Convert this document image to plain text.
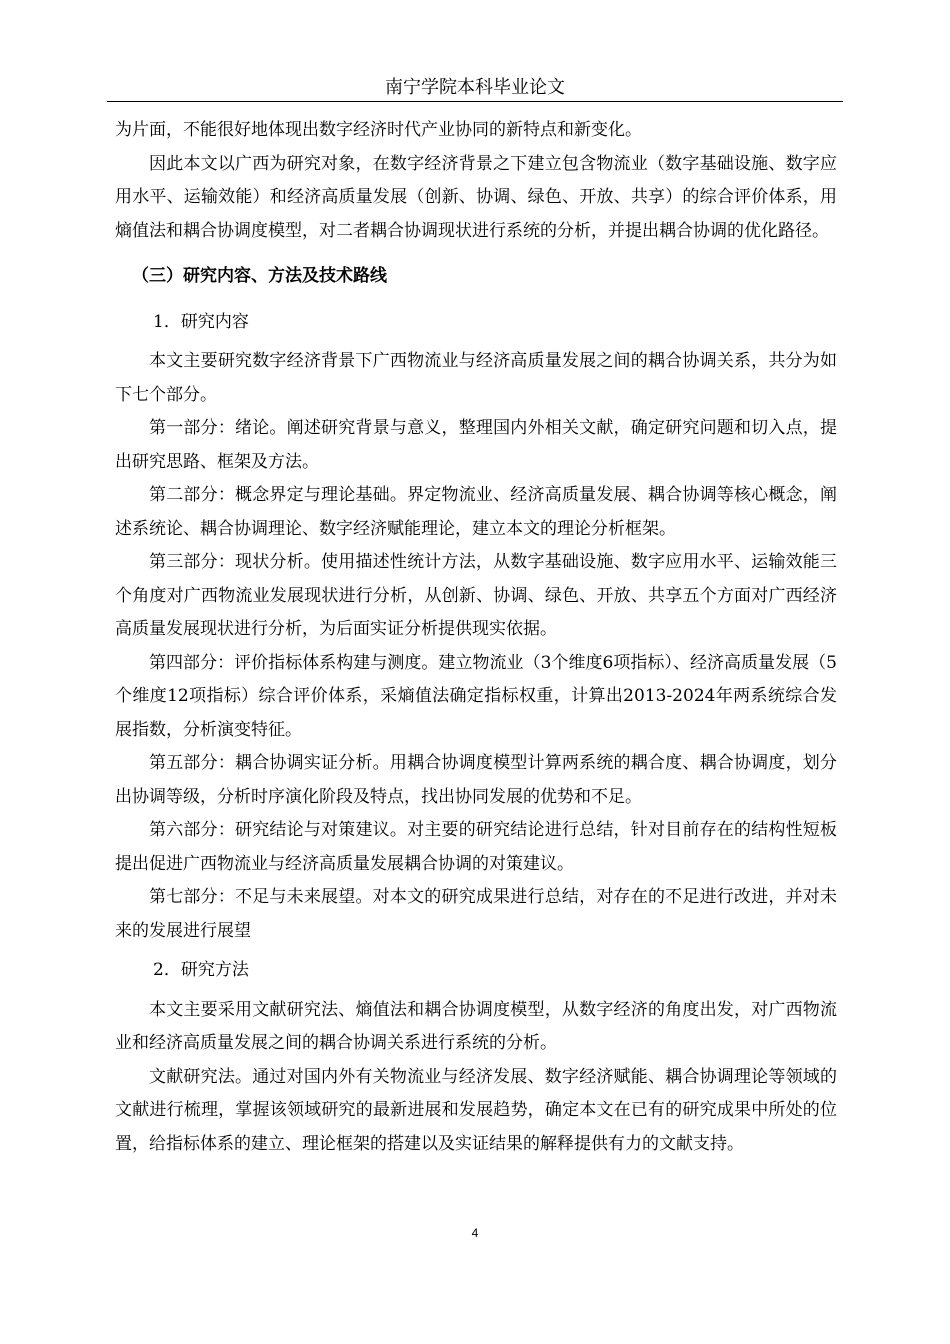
南宁学院本科毕业论文

为片面，不能很好地体现出数字经济时代产业协同的新特点和新变化。

因此本文以广西为研究对象，在数字经济背景之下建立包含物流业（数字基础设施、数字应用水平、运输效能）和经济高质量发展（创新、协调、绿色、开放、共享）的综合评价体系，用熵值法和耦合协调度模型，对二者耦合协调现状进行系统的分析，并提出耦合协调的优化路径。

（三）研究内容、方法及技术路线

1．研究内容

本文主要研究数字经济背景下广西物流业与经济高质量发展之间的耦合协调关系，共分为如下七个部分。

第一部分：绪论。阐述研究背景与意义，整理国内外相关文献，确定研究问题和切入点，提出研究思路、框架及方法。

第二部分：概念界定与理论基础。界定物流业、经济高质量发展、耦合协调等核心概念，阐述系统论、耦合协调理论、数字经济赋能理论，建立本文的理论分析框架。

第三部分：现状分析。使用描述性统计方法，从数字基础设施、数字应用水平、运输效能三个角度对广西物流业发展现状进行分析，从创新、协调、绿色、开放、共享五个方面对广西经济高质量发展现状进行分析，为后面实证分析提供现实依据。

第四部分：评价指标体系构建与测度。建立物流业（3个维度6项指标）、经济高质量发展（5个维度12项指标）综合评价体系，采熵值法确定指标权重，计算出2013-2024年两系统综合发展指数，分析演变特征。

第五部分：耦合协调实证分析。用耦合协调度模型计算两系统的耦合度、耦合协调度，划分出协调等级，分析时序演化阶段及特点，找出协同发展的优势和不足。

第六部分：研究结论与对策建议。对主要的研究结论进行总结，针对目前存在的结构性短板提出促进广西物流业与经济高质量发展耦合协调的对策建议。

第七部分：不足与未来展望。对本文的研究成果进行总结，对存在的不足进行改进，并对未来的发展进行展望

2．研究方法

本文主要采用文献研究法、熵值法和耦合协调度模型，从数字经济的角度出发，对广西物流业和经济高质量发展之间的耦合协调关系进行系统的分析。

文献研究法。通过对国内外有关物流业与经济发展、数字经济赋能、耦合协调理论等领域的文献进行梳理，掌握该领域研究的最新进展和发展趋势，确定本文在已有的研究成果中所处的位置，给指标体系的建立、理论框架的搭建以及实证结果的解释提供有力的文献支持。

4
